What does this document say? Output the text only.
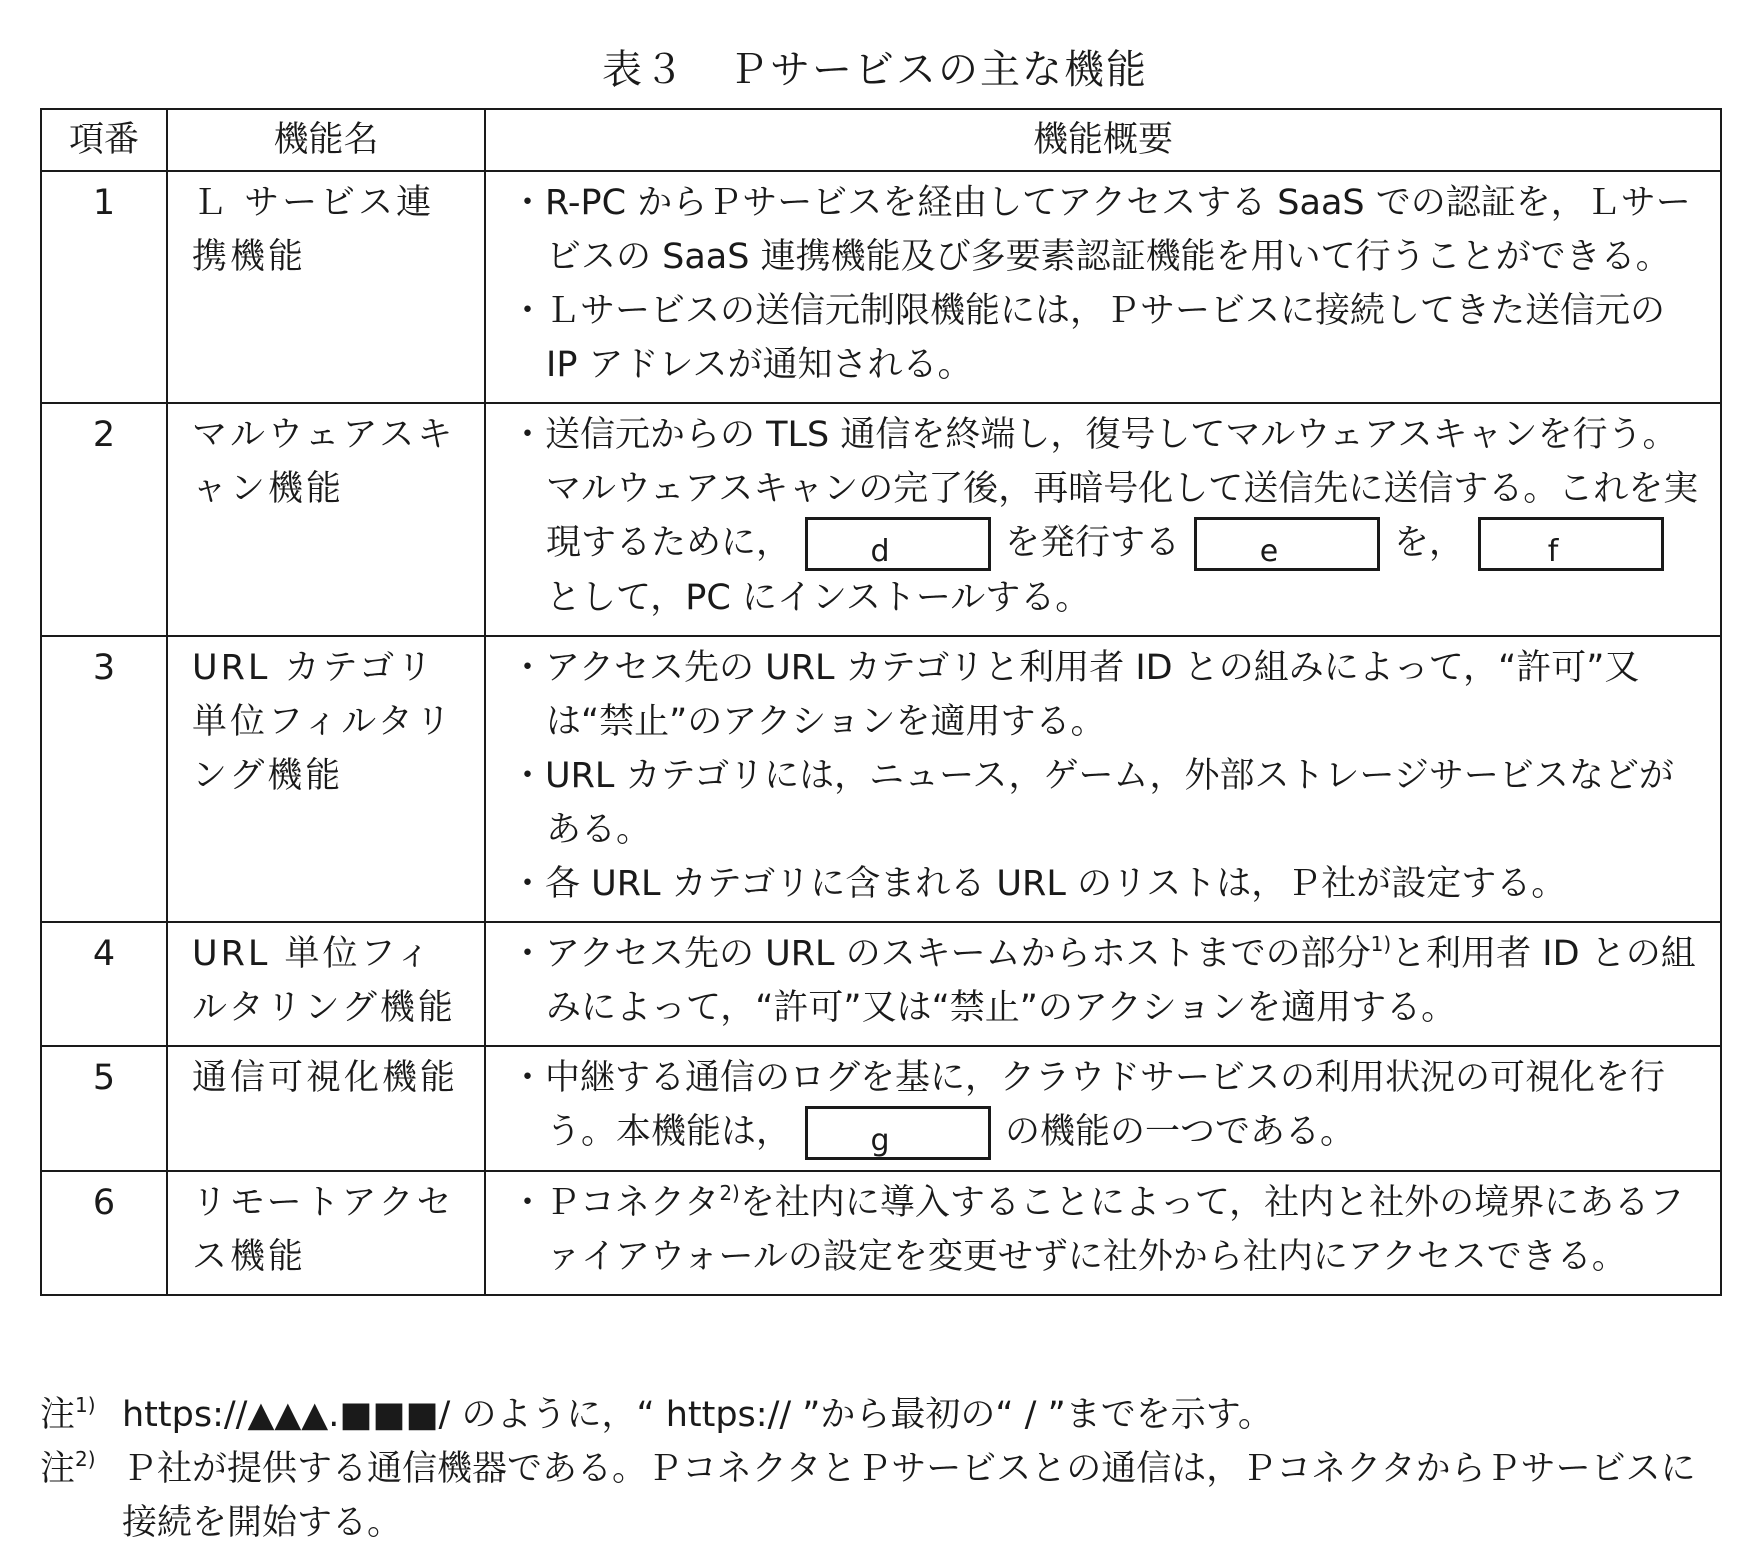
表３　Ｐサービスの主な機能
項番	機能名	機能概要
1	Ｌ サービス連携機能	・R-PC からＰサービスを経由してアクセスする SaaS での認証を，Ｌサービスの SaaS 連携機能及び多要素認証機能を用いて行うことができる。
・Ｌサービスの送信元制限機能には，Ｐサービスに接続してきた送信元の IP アドレスが通知される。

2	マルウェアスキャン機能	・送信元からの TLS 通信を終端し，復号してマルウェアスキャンを行う。マルウェアスキャンの完了後，再暗号化して送信先に送信する。これを実現するために， d を発行する e を， fとして，PC にインストールする。

3	URL カテゴリ単位フィルタリング機能	・アクセス先の URL カテゴリと利用者 ID との組みによって，“許可”又は“禁止”のアクションを適用する。
・URL カテゴリには，ニュース，ゲーム，外部ストレージサービスなどがある。
・各 URL カテゴリに含まれる URL のリストは，Ｐ社が設定する。

4	URL 単位フィルタリング機能	・アクセス先の URL のスキームからホストまでの部分$^{1)}$と利用者 ID との組みによって，“許可”又は“禁止”のアクションを適用する。

5	通信可視化機能	・中継する通信のログを基に，クラウドサービスの利用状況の可視化を行う。本機能は， g の機能の一つである。

6	リモートアクセス機能	・Ｐコネクタ$^{2)}$を社内に導入することによって，社内と社外の境界にあるファイアウォールの設定を変更せずに社外から社内にアクセスできる。
注$^{1)}$ https://▲▲▲.■■■/ のように，“ https:// ”から最初の“ / ”までを示す。
注$^{2)}$ Ｐ社が提供する通信機器である。ＰコネクタとＰサービスとの通信は，ＰコネクタからＰサービスに接続を開始する。
